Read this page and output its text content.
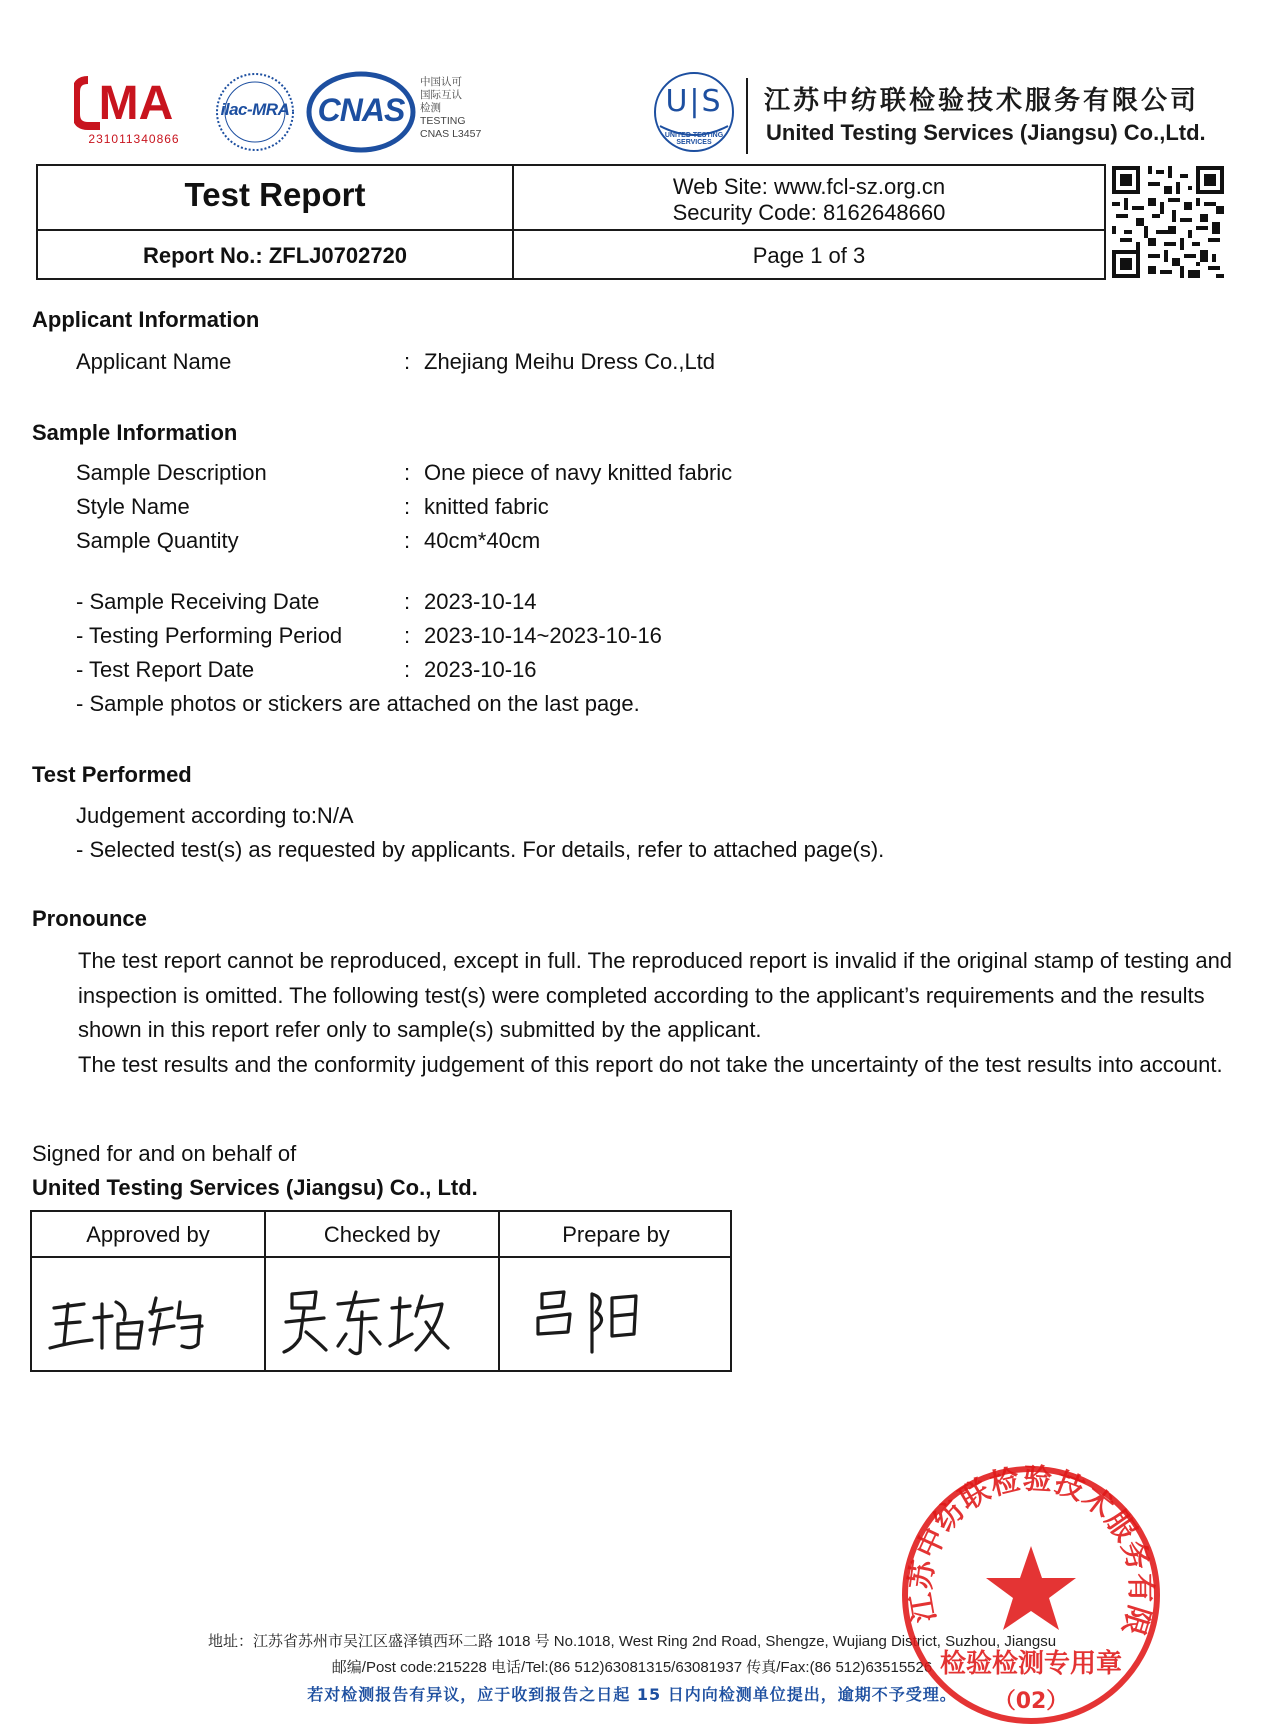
MA
231011340866
ilac-MRA CNAS
中国认可
国际互认
检测
TESTING
CNAS L3457
U|S
UNITED TESTING SERVICES
江苏中纺联检验技术服务有限公司
United Testing Services (Jiangsu) Co.,Ltd.
Test Report	Web Site: www.fcl-sz.org.cn
Security Code: 8162648660
Report No.: ZFLJ0702720	Page 1 of 3
Applicant Information
Applicant Name	: Zhejiang Meihu Dress Co.,Ltd
Sample Information
Sample Description	: One piece of navy knitted fabric
Style Name	: knitted fabric
Sample Quantity	: 40cm*40cm
- Sample Receiving Date	: 2023-10-14
- Testing Performing Period	: 2023-10-14~2023-10-16
- Test Report Date	: 2023-10-16
- Sample photos or stickers are attached on the last page.
Test Performed
Judgement according to:N/A
- Selected test(s) as requested by applicants. For details, refer to attached page(s).
Pronounce

The test report cannot be reproduced, except in full. The reproduced report is invalid if the original stamp of testing and inspection is omitted. The following test(s) were completed according to the applicant’s requirements and the results shown in this report refer only to sample(s) submitted by the applicant.

The test results and the conformity judgement of this report do not take the uncertainty of the test results into account.

Signed for and on behalf of
United Testing Services (Jiangsu) Co., Ltd.
Approved by	Checked by	Prepare by
地址：江苏省苏州市吴江区盛泽镇西环二路 1018 号 No.1018, West Ring 2nd Road, Shengze, Wujiang District, Suzhou, Jiangsu
邮编/Post code:215228 电话/Tel:(86 512)63081315/63081937 传真/Fax:(86 512)63515526
若对检测报告有异议，应于收到报告之日起 15 日内向检测单位提出，逾期不予受理。
江苏中纺联检验技术服务有限
检验检测专用章
（02）
